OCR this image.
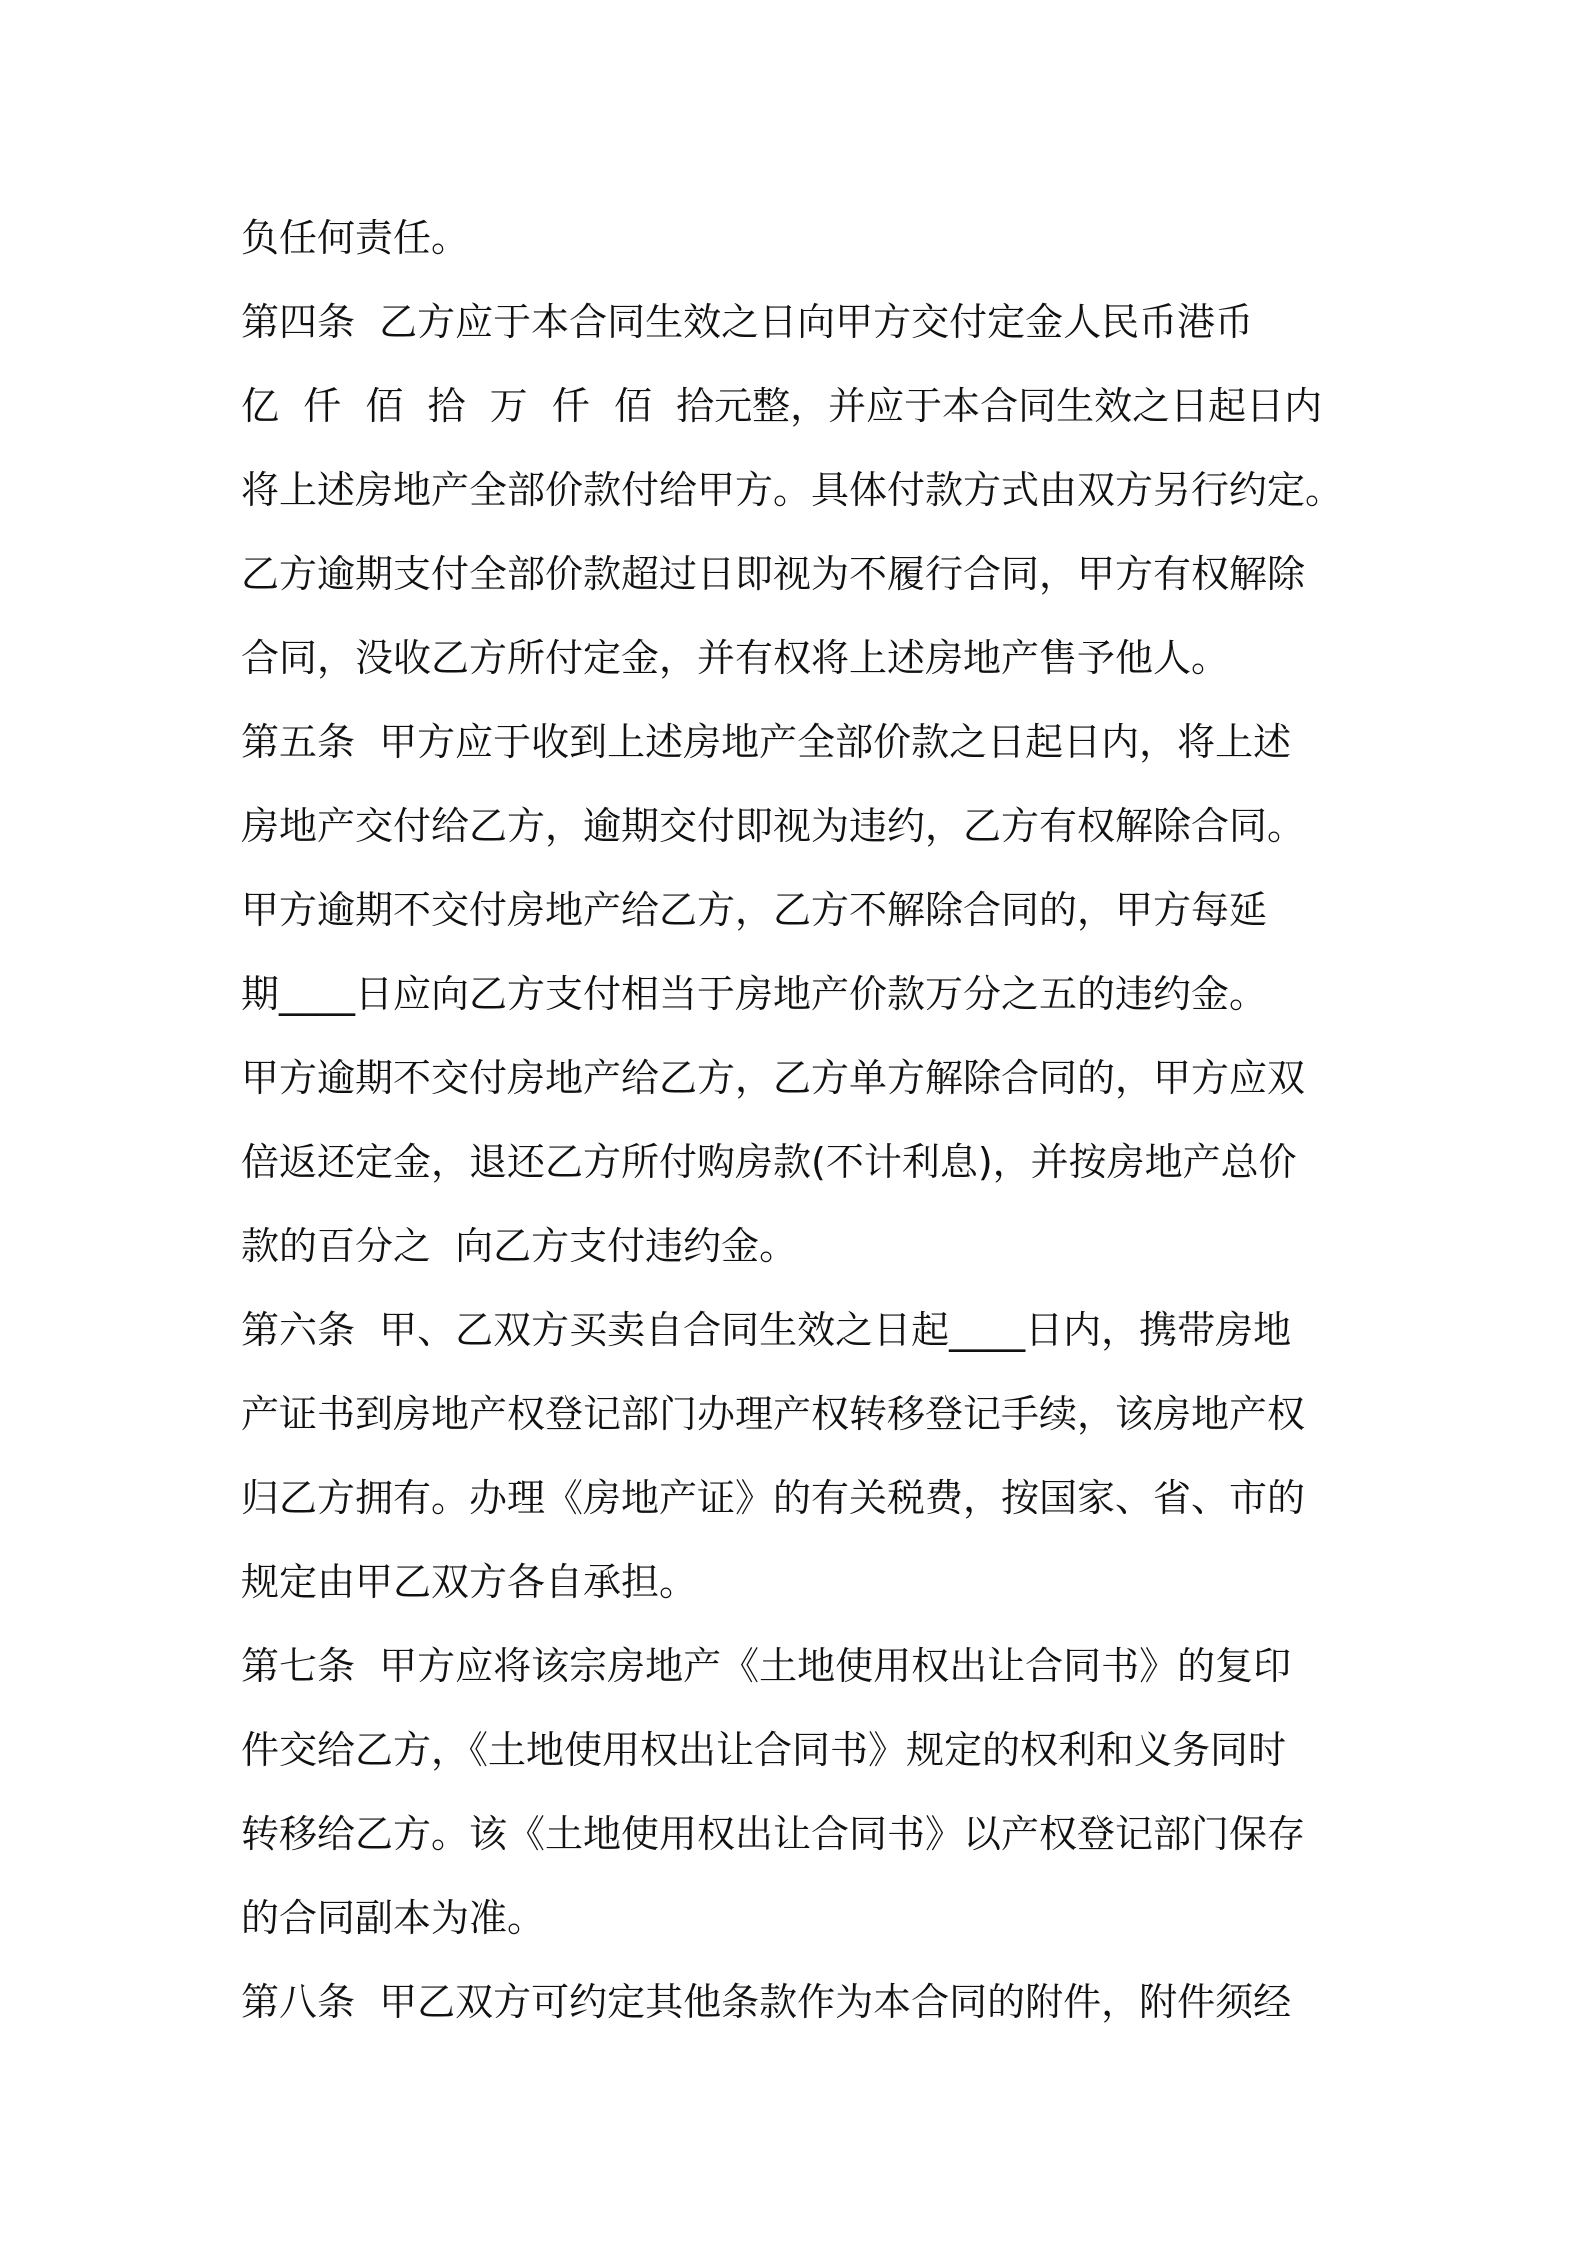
负任何责任。
第四条  乙方应于本合同生效之日向甲方交付定金人民币港币
亿  仟  佰  拾  万  仟  佰  拾元整，并应于本合同生效之日起日内
将上述房地产全部价款付给甲方。具体付款方式由双方另行约定。
乙方逾期支付全部价款超过日即视为不履行合同，甲方有权解除
合同，没收乙方所付定金，并有权将上述房地产售予他人。
第五条  甲方应于收到上述房地产全部价款之日起日内，将上述
房地产交付给乙方，逾期交付即视为违约，乙方有权解除合同。
甲方逾期不交付房地产给乙方，乙方不解除合同的，甲方每延
期____日应向乙方支付相当于房地产价款万分之五的违约金。
甲方逾期不交付房地产给乙方，乙方单方解除合同的，甲方应双
倍返还定金，退还乙方所付购房款(不计利息)，并按房地产总价
款的百分之  向乙方支付违约金。
第六条  甲、乙双方买卖自合同生效之日起____日内，携带房地
产证书到房地产权登记部门办理产权转移登记手续，该房地产权
归乙方拥有。办理《房地产证》的有关税费，按国家、省、市的
规定由甲乙双方各自承担。
第七条  甲方应将该宗房地产《土地使用权出让合同书》的复印
件交给乙方，《土地使用权出让合同书》规定的权利和义务同时
转移给乙方。该《土地使用权出让合同书》以产权登记部门保存
的合同副本为准。
第八条  甲乙双方可约定其他条款作为本合同的附件，附件须经
